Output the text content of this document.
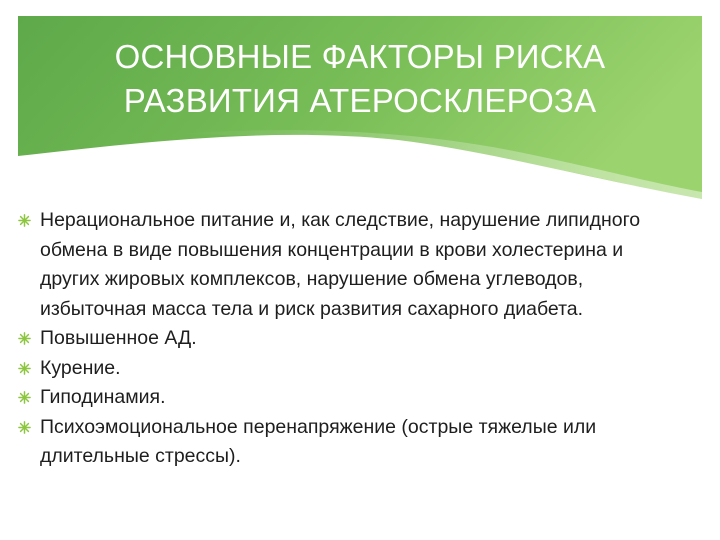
ОСНОВНЫЕ ФАКТОРЫ РИСКА
РАЗВИТИЯ АТЕРОСКЛЕРОЗА
Нерациональное питание и, как следствие, нарушение липидного обмена в виде повышения концентрации в крови холестерина и других жировых комплексов, нарушение обмена углеводов, избыточная масса тела и риск развития сахарного диабета.
Повышенное АД.
Курение.
Гиподинамия.
Психоэмоциональное перенапряжение (острые тяжелые или длительные стрессы).
